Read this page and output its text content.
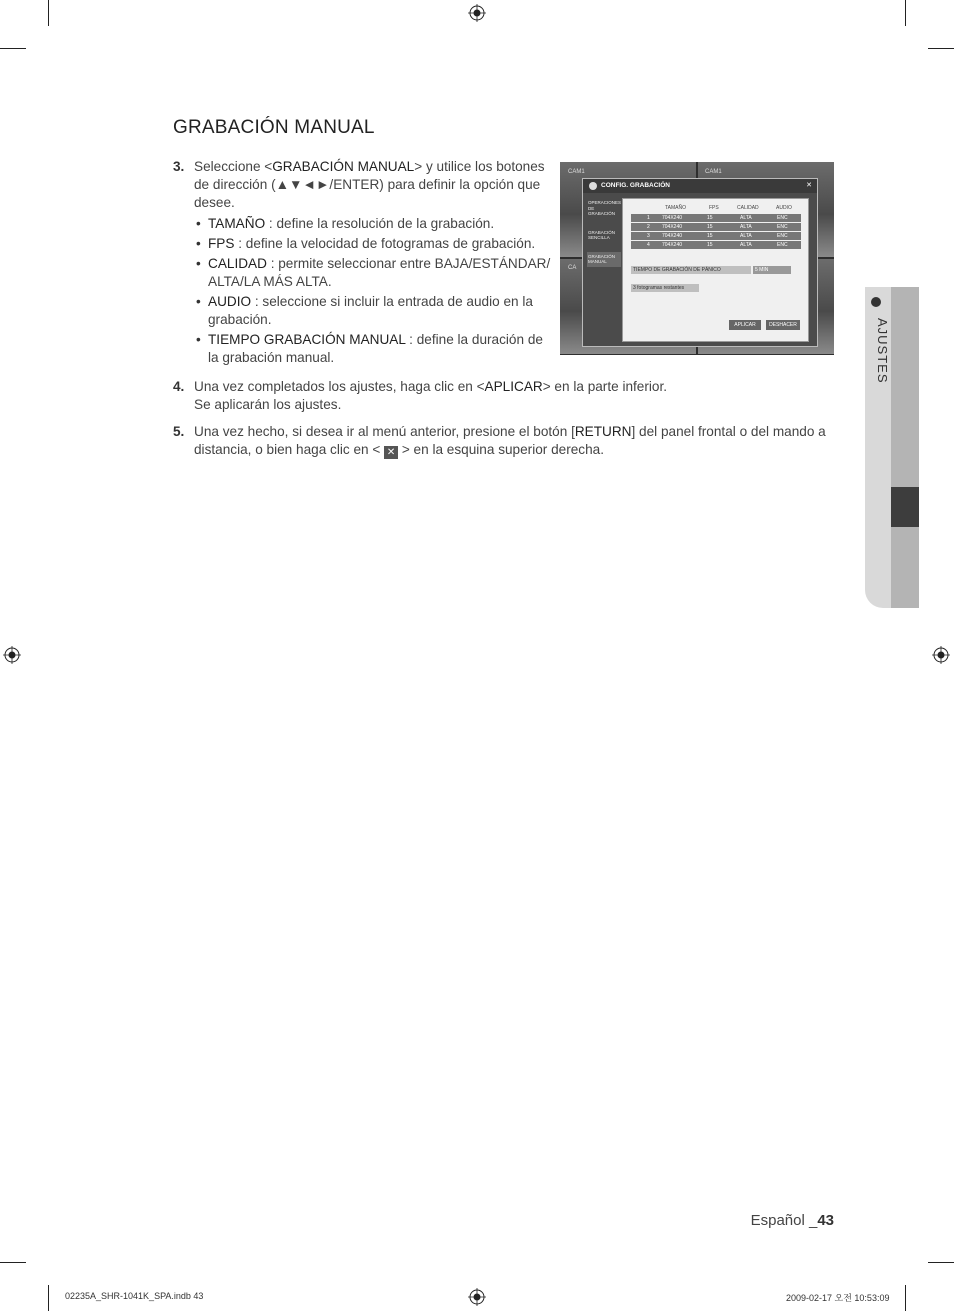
GRABACIÓN MANUAL
3. Seleccione <GRABACIÓN MANUAL> y utilice los botones
de dirección (▲▼◄►/ENTER) para definir la opción que
desee.
• TAMAÑO : define la resolución de la grabación.
• FPS : define la velocidad de fotogramas de grabación.
• CALIDAD : permite seleccionar entre BAJA/ESTÁNDAR/
ALTA/LA MÁS ALTA.
• AUDIO : seleccione si incluir la entrada de audio en la
grabación.
• TIEMPO GRABACIÓN MANUAL : define la duración de
la grabación manual.
4. Una vez completados los ajustes, haga clic en <APLICAR> en la parte inferior.
Se aplicarán los ajustes.
5. Una vez hecho, si desea ir al menú anterior, presione el botón [RETURN] del panel frontal o del mando a
distancia, o bien haga clic en < ✕ > en la esquina superior derecha.
CAM1	CAM1
CA
CONFIG. GRABACIÓN	✕
OPERACIONES DE GRABACIÓN
GRABACIÓN SENCILLA
GRABACIÓN MANUAL
TAMAÑO	FPS	CALIDAD	AUDIO
1 704X240	15	ALTA	ENC
2 704X240	15	ALTA	ENC
3 704X240	15	ALTA	ENC
4 704X240	15	ALTA	ENC
TIEMPO DE GRABACIÓN DE PÁNICO	5 MIN
3 fotogramas restantes
APLICAR	DESHACER	AJUSTES
Español _43
02235A_SHR-1041K_SPA.indb 43	2009-02-17 오전 10:53:09
